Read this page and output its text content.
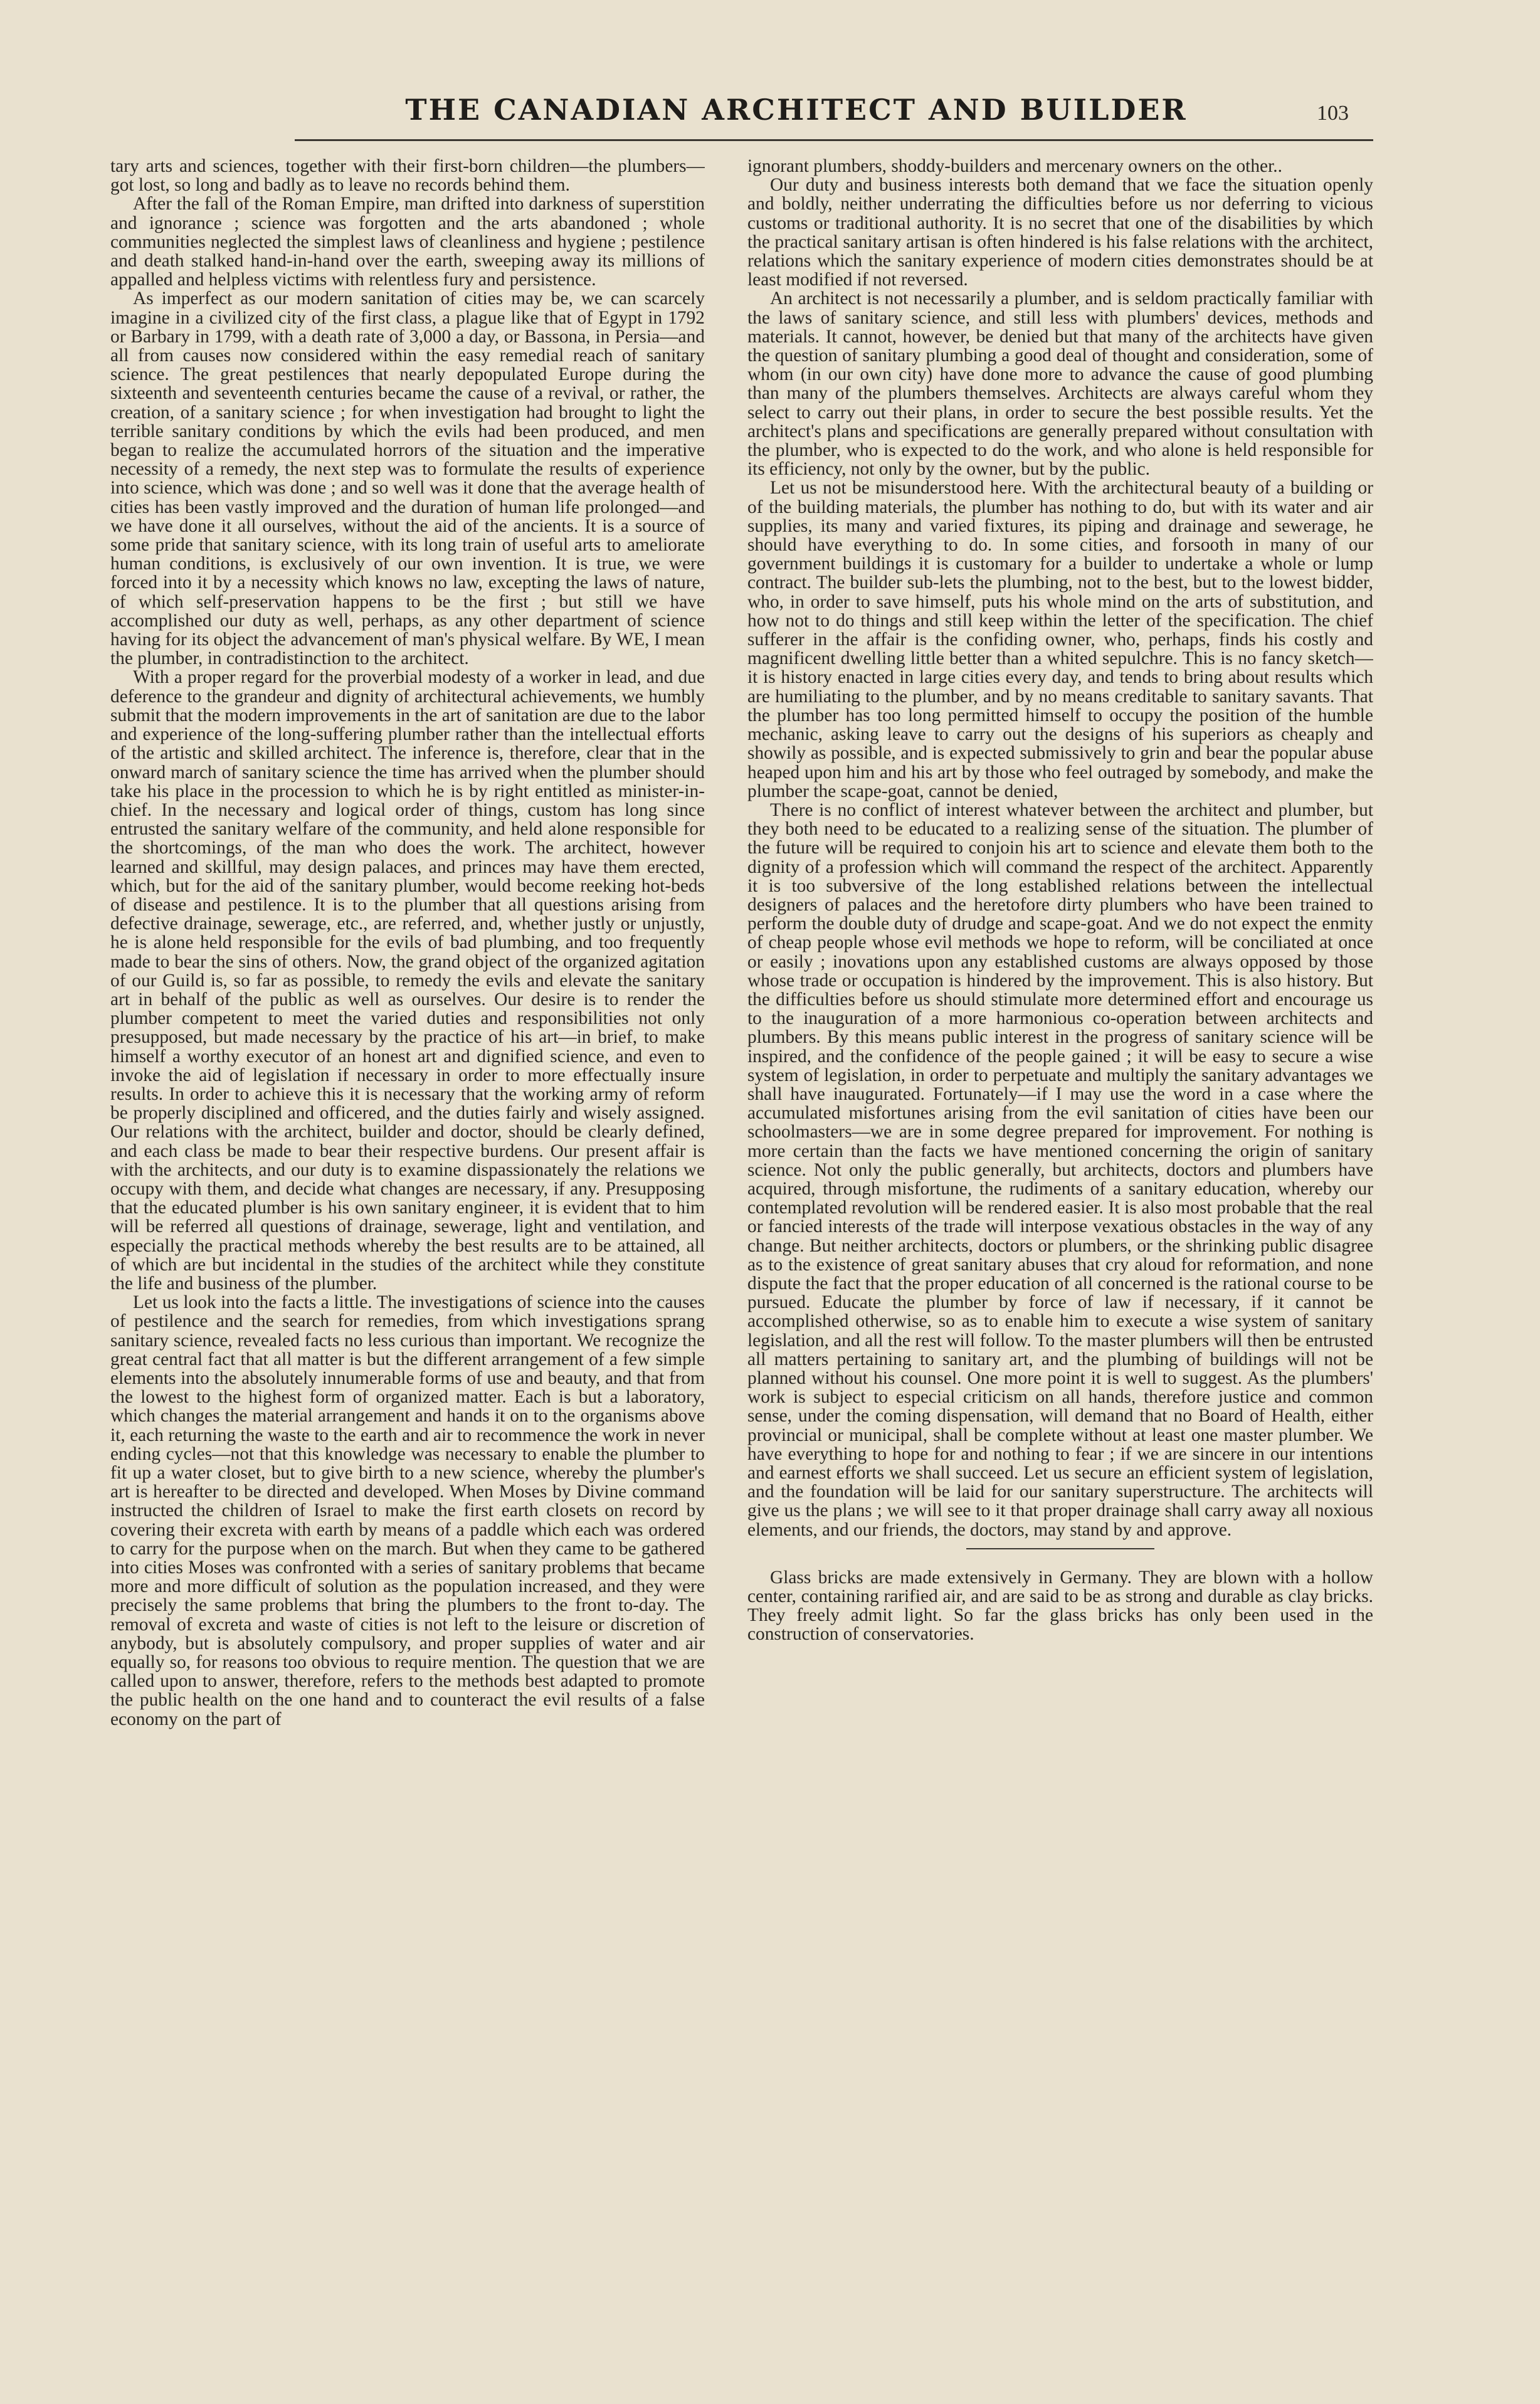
THE CANADIAN ARCHITECT AND BUILDER	103

tary arts and sciences, together with their first-born children—the plumbers—got lost, so long and badly as to leave no records behind them.

After the fall of the Roman Empire, man drifted into darkness of superstition and ignorance ; science was forgotten and the arts abandoned ; whole communities neglected the simplest laws of cleanliness and hygiene ; pestilence and death stalked hand-in-hand over the earth, sweeping away its millions of appalled and helpless victims with relentless fury and persistence.

As imperfect as our modern sanitation of cities may be, we can scarcely imagine in a civilized city of the first class, a plague like that of Egypt in 1792 or Barbary in 1799, with a death rate of 3,000 a day, or Bassona, in Persia—and all from causes now considered within the easy remedial reach of sanitary science. The great pestilences that nearly depopulated Europe during the sixteenth and seventeenth centuries became the cause of a revival, or rather, the creation, of a sanitary science ; for when investigation had brought to light the terrible sanitary conditions by which the evils had been produced, and men began to realize the accumulated horrors of the situation and the imperative necessity of a remedy, the next step was to formulate the results of experience into science, which was done ; and so well was it done that the average health of cities has been vastly improved and the duration of human life prolonged—and we have done it all ourselves, without the aid of the ancients. It is a source of some pride that sanitary science, with its long train of useful arts to ameliorate human conditions, is exclusively of our own invention. It is true, we were forced into it by a necessity which knows no law, excepting the laws of nature, of which self-preservation happens to be the first ; but still we have accomplished our duty as well, perhaps, as any other department of science having for its object the advancement of man's physical welfare. By WE, I mean the plumber, in contradistinction to the architect.

With a proper regard for the proverbial modesty of a worker in lead, and due deference to the grandeur and dignity of architectural achievements, we humbly submit that the modern improvements in the art of sanitation are due to the labor and experience of the long-suffering plumber rather than the intellectual efforts of the artistic and skilled architect. The inference is, therefore, clear that in the onward march of sanitary science the time has arrived when the plumber should take his place in the procession to which he is by right entitled as minister-in-chief. In the necessary and logical order of things, custom has long since entrusted the sanitary welfare of the community, and held alone responsible for the shortcomings, of the man who does the work. The architect, however learned and skillful, may design palaces, and princes may have them erected, which, but for the aid of the sanitary plumber, would become reeking hot-beds of disease and pestilence. It is to the plumber that all questions arising from defective drainage, sewerage, etc., are referred, and, whether justly or unjustly, he is alone held responsible for the evils of bad plumbing, and too frequently made to bear the sins of others. Now, the grand object of the organized agitation of our Guild is, so far as possible, to remedy the evils and elevate the sanitary art in behalf of the public as well as ourselves. Our desire is to render the plumber competent to meet the varied duties and responsibilities not only presupposed, but made necessary by the practice of his art—in brief, to make himself a worthy executor of an honest art and dignified science, and even to invoke the aid of legislation if necessary in order to more effectually insure results. In order to achieve this it is necessary that the working army of reform be properly disciplined and officered, and the duties fairly and wisely assigned. Our relations with the architect, builder and doctor, should be clearly defined, and each class be made to bear their respective burdens. Our present affair is with the architects, and our duty is to examine dispassionately the relations we occupy with them, and decide what changes are necessary, if any. Presupposing that the educated plumber is his own sanitary engineer, it is evident that to him will be referred all questions of drainage, sewerage, light and ventilation, and especially the practical methods whereby the best results are to be attained, all of which are but incidental in the studies of the architect while they constitute the life and business of the plumber.

Let us look into the facts a little. The investigations of science into the causes of pestilence and the search for remedies, from which investigations sprang sanitary science, revealed facts no less curious than important. We recognize the great central fact that all matter is but the different arrangement of a few simple elements into the absolutely innumerable forms of use and beauty, and that from the lowest to the highest form of organized matter. Each is but a laboratory, which changes the material arrangement and hands it on to the organisms above it, each returning the waste to the earth and air to recommence the work in never ending cycles—not that this knowledge was necessary to enable the plumber to fit up a water closet, but to give birth to a new science, whereby the plumber's art is hereafter to be directed and developed. When Moses by Divine command instructed the children of Israel to make the first earth closets on record by covering their excreta with earth by means of a paddle which each was ordered to carry for the purpose when on the march. But when they came to be gathered into cities Moses was confronted with a series of sanitary problems that became more and more difficult of solution as the population increased, and they were precisely the same problems that bring the plumbers to the front to-day. The removal of excreta and waste of cities is not left to the leisure or discretion of anybody, but is absolutely compulsory, and proper supplies of water and air equally so, for reasons too obvious to require mention. The question that we are called upon to answer, therefore, refers to the methods best adapted to promote the public health on the one hand and to counteract the evil results of a false economy on the part of

ignorant plumbers, shoddy-builders and mercenary owners on the other..

Our duty and business interests both demand that we face the situation openly and boldly, neither underrating the difficulties before us nor deferring to vicious customs or traditional authority. It is no secret that one of the disabilities by which the practical sanitary artisan is often hindered is his false relations with the architect, relations which the sanitary experience of modern cities demonstrates should be at least modified if not reversed.

An architect is not necessarily a plumber, and is seldom practically familiar with the laws of sanitary science, and still less with plumbers' devices, methods and materials. It cannot, however, be denied but that many of the architects have given the question of sanitary plumbing a good deal of thought and consideration, some of whom (in our own city) have done more to advance the cause of good plumbing than many of the plumbers themselves. Architects are always careful whom they select to carry out their plans, in order to secure the best possible results. Yet the architect's plans and specifications are generally prepared without consultation with the plumber, who is expected to do the work, and who alone is held responsible for its efficiency, not only by the owner, but by the public.

Let us not be misunderstood here. With the architectural beauty of a building or of the building materials, the plumber has nothing to do, but with its water and air supplies, its many and varied fixtures, its piping and drainage and sewerage, he should have everything to do. In some cities, and forsooth in many of our government buildings it is customary for a builder to undertake a whole or lump contract. The builder sub-lets the plumbing, not to the best, but to the lowest bidder, who, in order to save himself, puts his whole mind on the arts of substitution, and how not to do things and still keep within the letter of the specification. The chief sufferer in the affair is the confiding owner, who, perhaps, finds his costly and magnificent dwelling little better than a whited sepulchre. This is no fancy sketch—it is history enacted in large cities every day, and tends to bring about results which are humiliating to the plumber, and by no means creditable to sanitary savants. That the plumber has too long permitted himself to occupy the position of the humble mechanic, asking leave to carry out the designs of his superiors as cheaply and showily as possible, and is expected submissively to grin and bear the popular abuse heaped upon him and his art by those who feel outraged by somebody, and make the plumber the scape-goat, cannot be denied,

There is no conflict of interest whatever between the architect and plumber, but they both need to be educated to a realizing sense of the situation. The plumber of the future will be required to conjoin his art to science and elevate them both to the dignity of a profession which will command the respect of the architect. Apparently it is too subversive of the long established relations between the intellectual designers of palaces and the heretofore dirty plumbers who have been trained to perform the double duty of drudge and scape-goat. And we do not expect the enmity of cheap people whose evil methods we hope to reform, will be conciliated at once or easily ; inovations upon any established customs are always opposed by those whose trade or occupation is hindered by the improvement. This is also history. But the difficulties before us should stimulate more determined effort and encourage us to the inauguration of a more harmonious co-operation between architects and plumbers. By this means public interest in the progress of sanitary science will be inspired, and the confidence of the people gained ; it will be easy to secure a wise system of legislation, in order to perpetuate and multiply the sanitary advantages we shall have inaugurated. Fortunately—if I may use the word in a case where the accumulated misfortunes arising from the evil sanitation of cities have been our schoolmasters—we are in some degree prepared for improvement. For nothing is more certain than the facts we have mentioned concerning the origin of sanitary science. Not only the public generally, but architects, doctors and plumbers have acquired, through misfortune, the rudiments of a sanitary education, whereby our contemplated revolution will be rendered easier. It is also most probable that the real or fancied interests of the trade will interpose vexatious obstacles in the way of any change. But neither architects, doctors or plumbers, or the shrinking public disagree as to the existence of great sanitary abuses that cry aloud for reformation, and none dispute the fact that the proper education of all concerned is the rational course to be pursued. Educate the plumber by force of law if necessary, if it cannot be accomplished otherwise, so as to enable him to execute a wise system of sanitary legislation, and all the rest will follow. To the master plumbers will then be entrusted all matters pertaining to sanitary art, and the plumbing of buildings will not be planned without his counsel. One more point it is well to suggest. As the plumbers' work is subject to especial criticism on all hands, therefore justice and common sense, under the coming dispensation, will demand that no Board of Health, either provincial or municipal, shall be complete without at least one master plumber. We have everything to hope for and nothing to fear ; if we are sincere in our intentions and earnest efforts we shall succeed. Let us secure an efficient system of legislation, and the foundation will be laid for our sanitary superstructure. The architects will give us the plans ; we will see to it that proper drainage shall carry away all noxious elements, and our friends, the doctors, may stand by and approve.

Glass bricks are made extensively in Germany. They are blown with a hollow center, containing rarified air, and are said to be as strong and durable as clay bricks. They freely admit light. So far the glass bricks has only been used in the construction of conservatories.
